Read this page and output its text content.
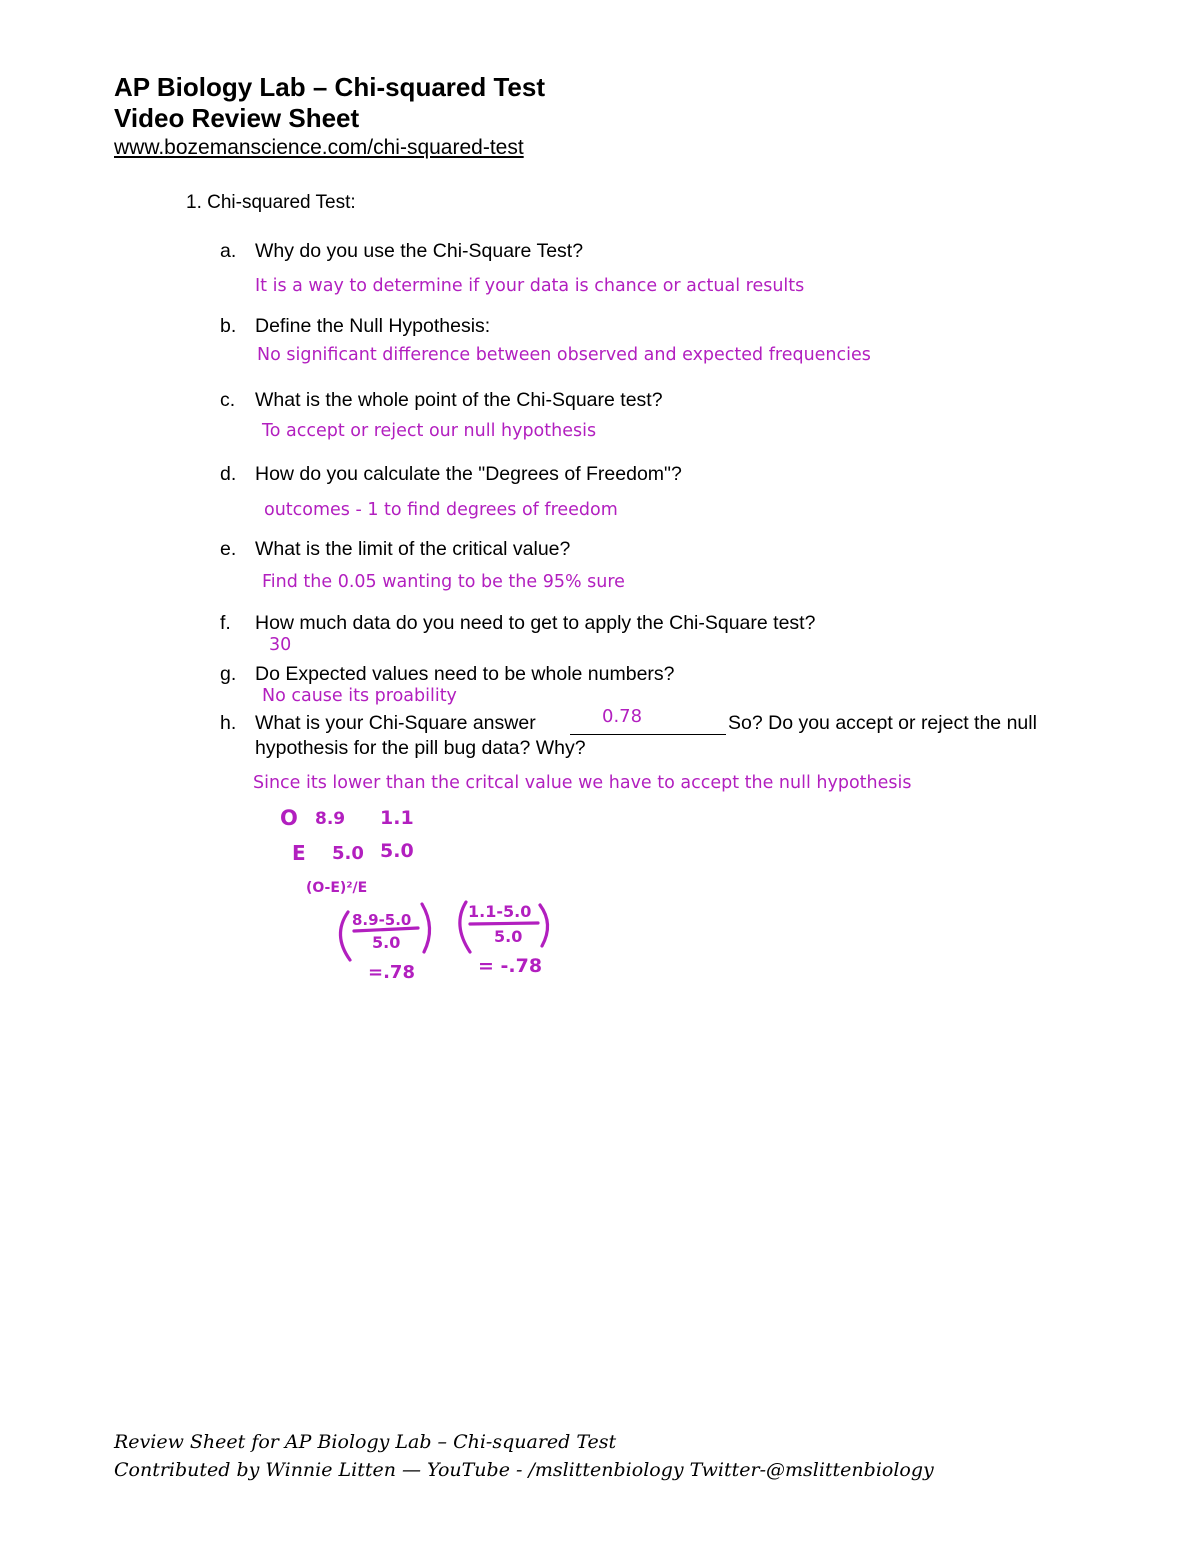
AP Biology Lab – Chi-squared Test
Video Review Sheet
www.bozemanscience.com/chi-squared-test
1. Chi-squared Test:
a. Why do you use the Chi-Square Test?
It is a way to determine if your data is chance or actual results
b. Define the Null Hypothesis:
No significant difference between observed and expected frequencies
c. What is the whole point of the Chi-Square test?
To accept or reject our null hypothesis
d. How do you calculate the "Degrees of Freedom"?
outcomes - 1 to find degrees of freedom
e. What is the limit of the critical value?
Find the 0.05 wanting to be the 95% sure
f. How much data do you need to get to apply the Chi-Square test?
30
g. Do Expected values need to be whole numbers?
No cause its proability
h. What is your Chi-Square answer	So? Do you accept or reject the null
0.78
hypothesis for the pill bug data? Why?
Since its lower than the critcal value we have to accept the null hypothesis
O 8.9 1.1
E 5.0 5.0
(O-E)²/E
8.9-5.0
5.0
=.78
1.1-5.0
5.0
= -.78
Review Sheet for AP Biology Lab – Chi-squared Test
Contributed by Winnie Litten — YouTube - /mslittenbiology Twitter-@mslittenbiology
